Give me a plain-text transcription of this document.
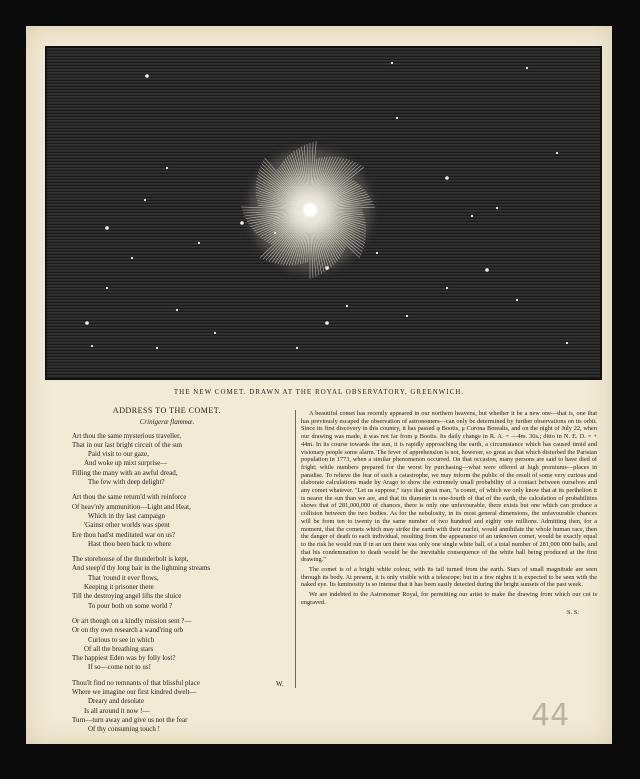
THE NEW COMET. DRAWN AT THE ROYAL OBSERVATORY, GREENWICH.
ADDRESS TO THE COMET.
Crinigeræ flammæ.
Art thou the same mysterious traveller,
That in our last bright circuit of the sun
Paid visit to our gaze,
And woke up mixt surprise—
Filling the many with an awful dread,
The few with deep delight?
Art thou the same return'd with reinforce
Of heav'nly ammunition—Light and Heat,
Which in thy last campaign
'Gainst other worlds was spent
Ere thou had'st meditated war on us?
Hast thou been back to where
The storehouse of the thunderbolt is kept,
And steep'd thy long hair in the lightning streams
That 'round it ever flows,
Keeping it prisoner there
Till the destroying angel lifts the sluice
To pour both on some world ?
Or art though on a kindly mission sent ?—
Or on thy own research a wand'ring orb
Curious to see in which
Of all the breathing stars
The happiest Eden was by folly lost?
If so—come not to us!
Thou'lt find no remnants of that blissful place
Where we imagine our first kindred dwelt—
Dreary and desolate
Is all around it now !—
Turn—turn away and give us not the fear
Of thy consuming touch !
W.

A beautiful comet has recently appeared in our northern heavens, but whether it be a new one—that is, one that has previously escaped the observation of astronomers—can only be determined by further observations on its orbit. Since its first discovery in this country, it has passed φ Bootis, μ Corona Borealis, and on the night of July 22, when our drawing was made, it was not far from μ Bootis. Its daily change in R. A. = —4m. 30s.; ditto in N. E. D. = + 44m. In its course towards the sun, it is rapidly approaching the earth, a circumstance which has caused timid and visionary people some alarm. The fever of apprehension is not, however, so great as that which disturbed the Parisian population in 1773, when a similar phenomenon occurred. On that occasion, many persons are said to have died of fright; while numbers prepared for the worst by purchasing—what were offered at high premiums—places in paradise. To relieve the fear of such a catastrophe, we may inform the public of the result of some very curious and elaborate calculations made by Arago to show the extremely small probability of a contact between ourselves and any comet whatever. "Let us suppose," says that great man, "a comet, of which we only know that at its perihelion it is nearer the sun than we are, and that its diameter is one-fourth of that of the earth, the calculation of probabilities shows that of 281,000,000 of chances, there is only one unfavourable, there exists but one which can produce a collision between the two bodies. As for the nebulosity, in its most general dimensions, the unfavourable chances will be from ten to twenty in the same number of two hundred and eighty one millions. Admitting then, for a moment, that the comets which may strike the earth with their nuclei, would annihilate the whole human race, then the danger of death to each individual, resulting from the appearance of an unknown comet, would be exactly equal to the risk he would run if in an urn there was only one single white ball, of a total number of 281,000 000 balls, and that his condemnation to death would be the inevitable consequence of the white ball being produced at the first drawing."

The comet is of a bright white colour, with its tail turned from the earth. Stars of small magnitude are seen through its body. At present, it is only visible with a telescope; but in a few nights it is expected to be seen with the naked eye. Its luminosity is so intense that it has been easily detected during the bright sunsets of the past week.

We are indebted to the Astronomer Royal, for permitting our artist to make the drawing from which our cut is engraved.

S. S.
44
